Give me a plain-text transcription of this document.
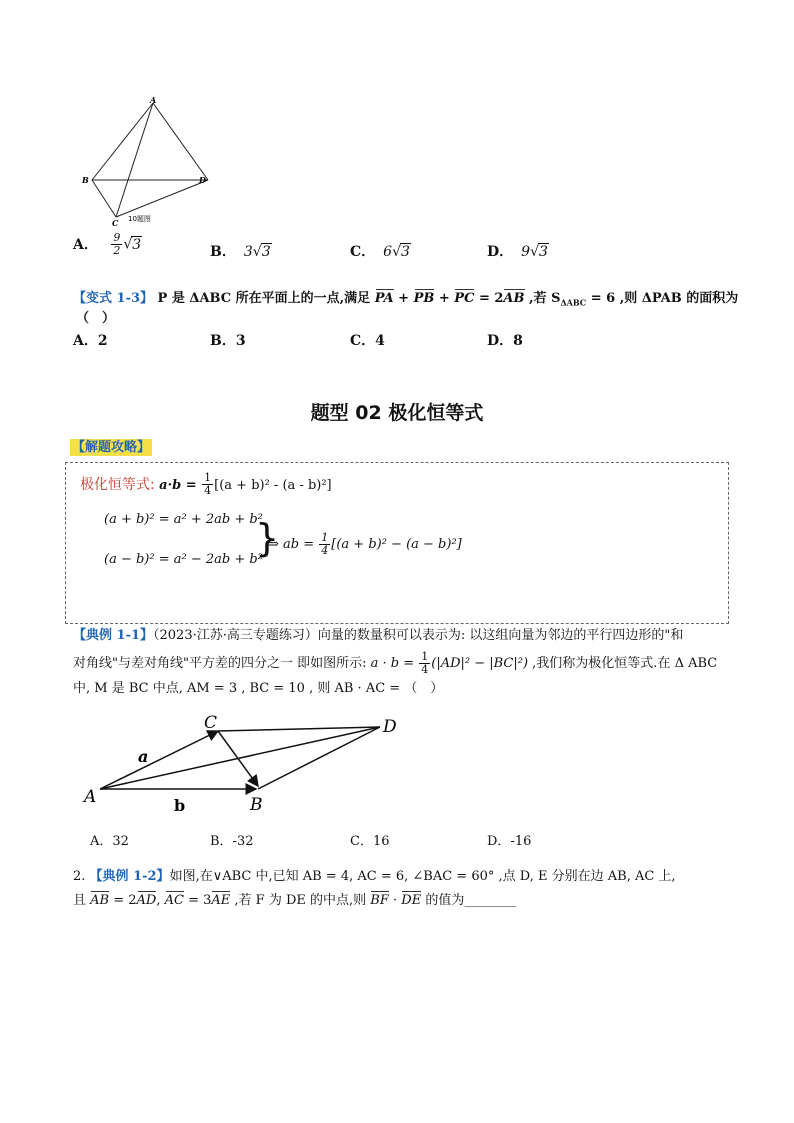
A
B
C
D
10题图
A． $\frac{9}{2} √3$	B． 3√3	C． 6√3	D． 9√3
【变式 1-3】 P 是 ΔABC 所在平面上的一点,满足 PA + PB + PC = 2AB ,若 $S_{\Delta ABC} = 6$ ,则 ΔPAB 的面积为
（　）
A．2	B．3	C．4	D．8
题型 02 极化恒等式
【解题攻略】
极化恒等式: $a\cdot b = \frac{1}{4} [(a + b)^2 - (a - b)^2]$
(a + b)² = a² + 2ab + b²
(a − b)² = a² − 2ab + b²
}
⇒ ab = $\frac{1}{4} [(a + b)^2 - (a - b)^2]$
【典例 1-1】（2023·江苏·高三专题练习）向量的数量积可以表示为: 以这组向量为邻边的平行四边形的"和
对角线"与差对角线"平方差的四分之一 即如图所示: $a \cdot b = \frac{1}{4} (|AD|^2 - |BC|^2)$ ,我们称为极化恒等式.在 Δ ABC
中, M 是 BC 中点, AM = 3 , BC = 10 , 则 AB · AC = （　）
A	B
C	D
a
b
A．32	B．-32	C．16	D．-16
2. 【典例 1-2】如图,在∨ABC 中,已知 AB = 4, AC = 6, ∠BAC = 60° ,点 D, E 分别在边 AB, AC 上,
且 AB = 2AD, AC = 3AE ,若 F 为 DE 的中点,则 BF · DE 的值为________
